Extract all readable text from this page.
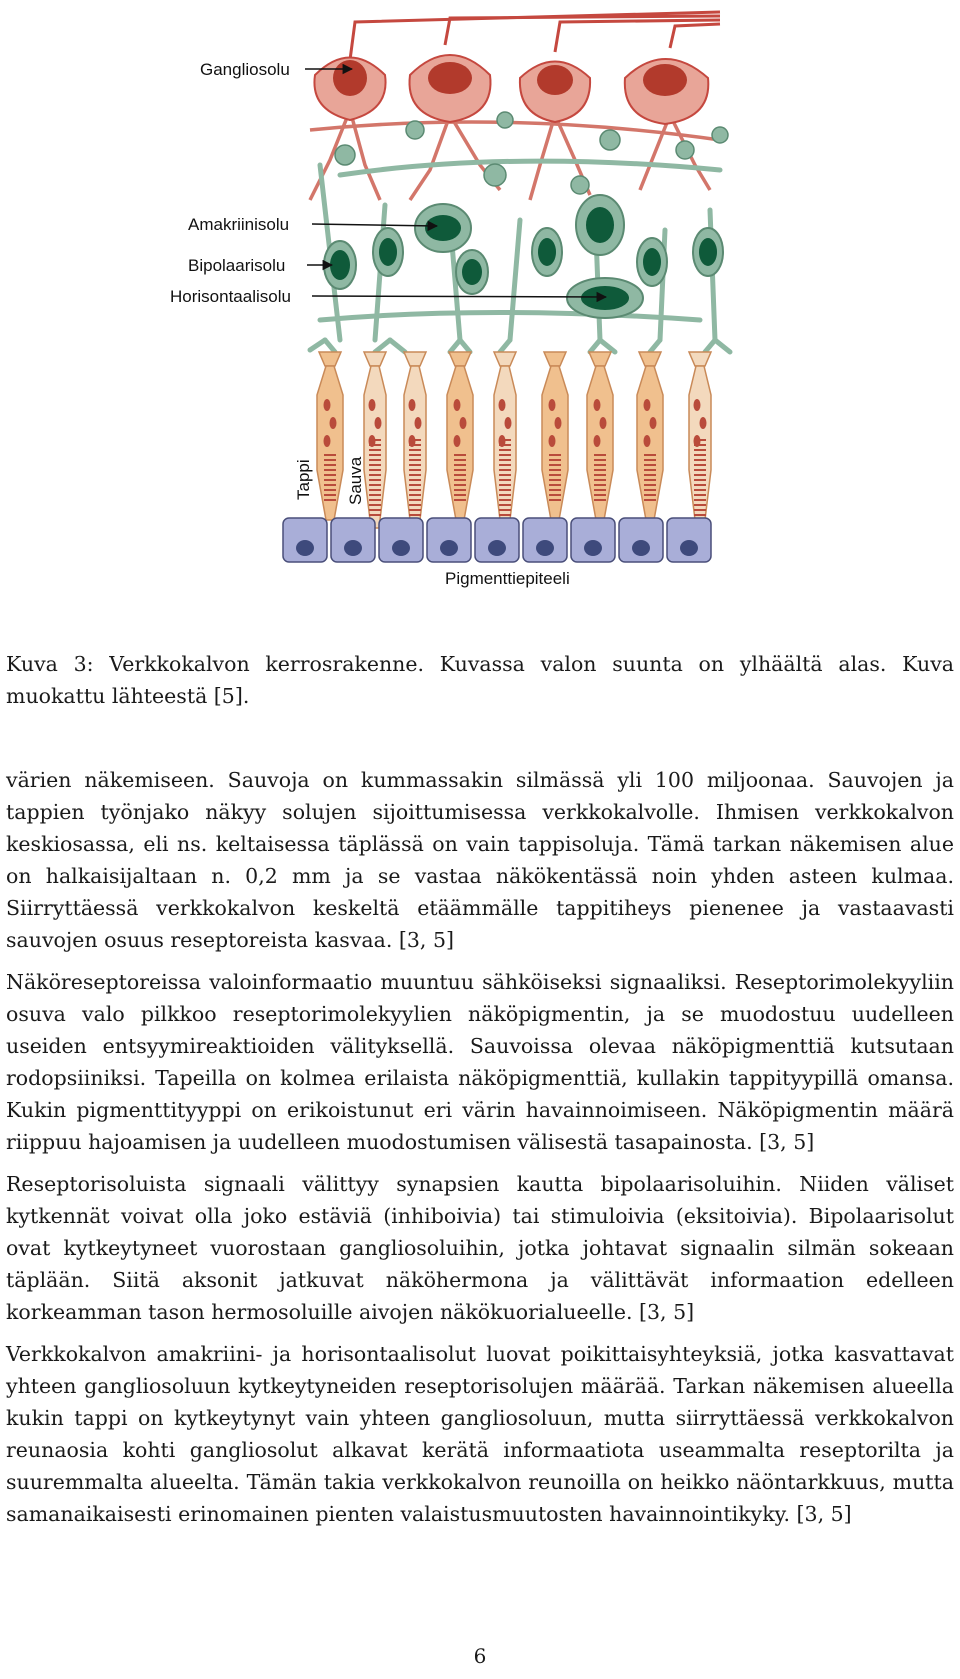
Gangliosolu
Amakriinisolu
Bipolaarisolu
Horisontaalisolu
Tappi Sauva
Pigmenttiepiteeli
Kuva 3: Verkkokalvon kerrosrakenne. Kuvassa valon suunta on ylhäältä alas. Kuva muokattu lähteestä [5].

värien näkemiseen. Sauvoja on kummassakin silmässä yli 100 miljoonaa. Sauvojen ja tappien työnjako näkyy solujen sijoittumisessa verkkokalvolle. Ihmisen verkkokalvon keskiosassa, eli ns. keltaisessa täplässä on vain tappisoluja. Tämä tarkan näkemisen alue on halkaisijaltaan n. 0,2 mm ja se vastaa näkökentässä noin yhden asteen kulmaa. Siirryttäessä verkkokalvon keskeltä etäämmälle tappitiheys pienenee ja vastaavasti sauvojen osuus reseptoreista kasvaa. [3, 5]

Näköreseptoreissa valoinformaatio muuntuu sähköiseksi signaaliksi. Reseptorimolekyyliin osuva valo pilkkoo reseptorimolekyylien näköpigmentin, ja se muodostuu uudelleen useiden entsyymireaktioiden välityksellä. Sauvoissa olevaa näköpigmenttiä kutsutaan rodopsiiniksi. Tapeilla on kolmea erilaista näköpigmenttiä, kullakin tappityypillä omansa. Kukin pigmenttityyppi on erikoistunut eri värin havainnoimiseen. Näköpigmentin määrä riippuu hajoamisen ja uudelleen muodostumisen välisestä tasapainosta. [3, 5]

Reseptorisoluista signaali välittyy synapsien kautta bipolaarisoluihin. Niiden väliset kytkennät voivat olla joko estäviä (inhiboivia) tai stimuloivia (eksitoivia). Bipolaarisolut ovat kytkeytyneet vuorostaan gangliosoluihin, jotka johtavat signaalin silmän sokeaan täplään. Siitä aksonit jatkuvat näköhermona ja välittävät informaation edelleen korkeamman tason hermosoluille aivojen näkökuorialueelle. [3, 5]

Verkkokalvon amakriini- ja horisontaalisolut luovat poikittaisyhteyksiä, jotka kasvattavat yhteen gangliosoluun kytkeytyneiden reseptorisolujen määrää. Tarkan näkemisen alueella kukin tappi on kytkeytynyt vain yhteen gangliosoluun, mutta siirryttäessä verkkokalvon reunaosia kohti gangliosolut alkavat kerätä informaatiota useammalta reseptorilta ja suuremmalta alueelta. Tämän takia verkkokalvon reunoilla on heikko näöntarkkuus, mutta samanaikaisesti erinomainen pienten valaistusmuutosten havainnointikyky. [3, 5]

6
